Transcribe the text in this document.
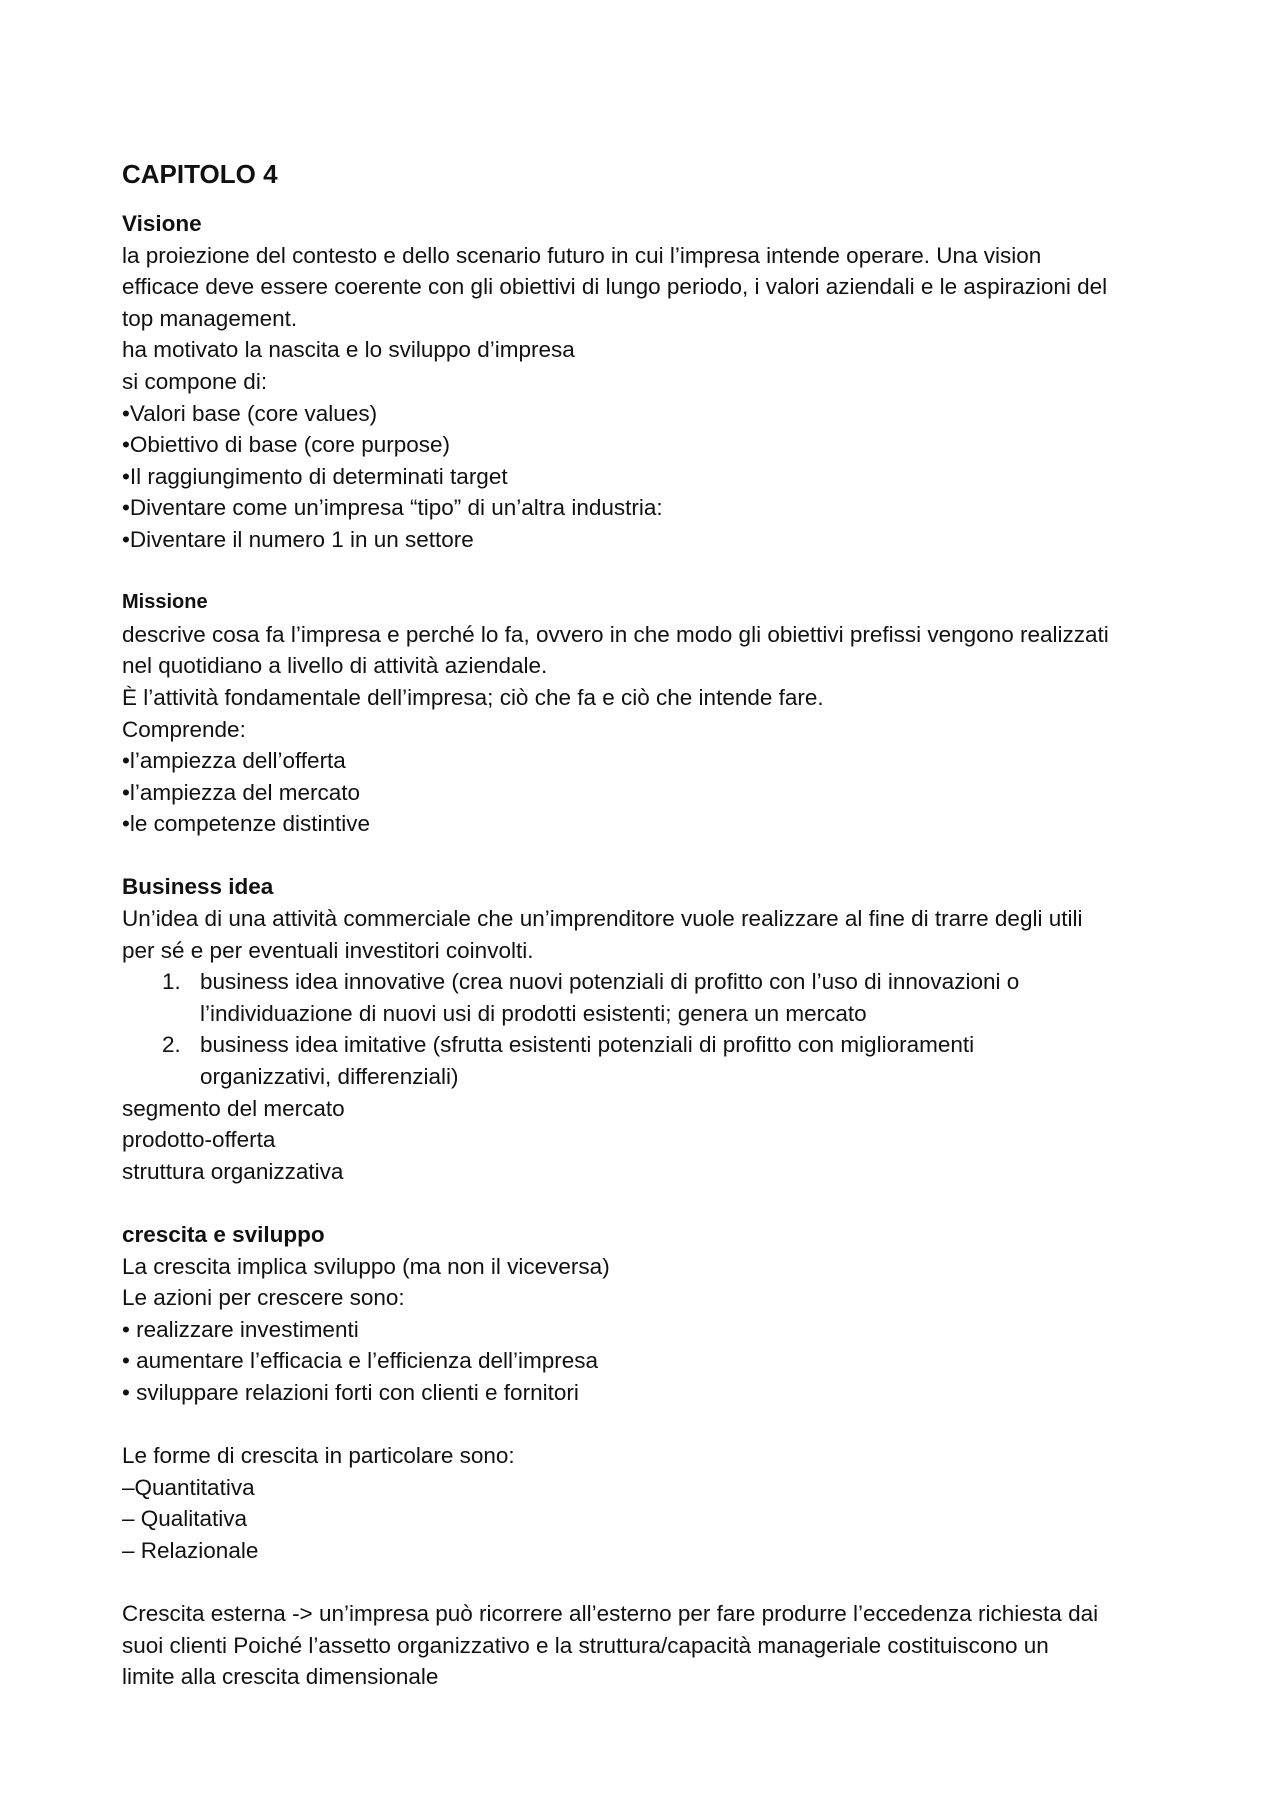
CAPITOLO 4
Visione

la proiezione del contesto e dello scenario futuro in cui l’impresa intende operare. Una vision

efficace deve essere coerente con gli obiettivi di lungo periodo, i valori aziendali e le aspirazioni del

top management.

ha motivato la nascita e lo sviluppo d’impresa

si compone di:

•Valori base (core values)

•Obiettivo di base (core purpose)

•Il raggiungimento di determinati target

•Diventare come un’impresa “tipo” di un’altra industria:

•Diventare il numero 1 in un settore

Missione

descrive cosa fa l’impresa e perché lo fa, ovvero in che modo gli obiettivi prefissi vengono realizzati

nel quotidiano a livello di attività aziendale.

È l’attività fondamentale dell’impresa; ciò che fa e ciò che intende fare.

Comprende:

•l’ampiezza dell’offerta

•l’ampiezza del mercato

•le competenze distintive

Business idea

Un’idea di una attività commerciale che un’imprenditore vuole realizzare al fine di trarre degli utili

per sé e per eventuali investitori coinvolti.

1. business idea innovative (crea nuovi potenziali di profitto con l’uso di innovazioni o

l’individuazione di nuovi usi di prodotti esistenti; genera un mercato

2. business idea imitative (sfrutta esistenti potenziali di profitto con miglioramenti

organizzativi, differenziali)

segmento del mercato

prodotto-offerta

struttura organizzativa

crescita e sviluppo

La crescita implica sviluppo (ma non il viceversa)

Le azioni per crescere sono:

• realizzare investimenti

• aumentare l’efficacia e l’efficienza dell’impresa

• sviluppare relazioni forti con clienti e fornitori

Le forme di crescita in particolare sono:

–Quantitativa

– Qualitativa

– Relazionale

Crescita esterna -> un’impresa può ricorrere all’esterno per fare produrre l’eccedenza richiesta dai

suoi clienti Poiché l’assetto organizzativo e la struttura/capacità manageriale costituiscono un

limite alla crescita dimensionale
